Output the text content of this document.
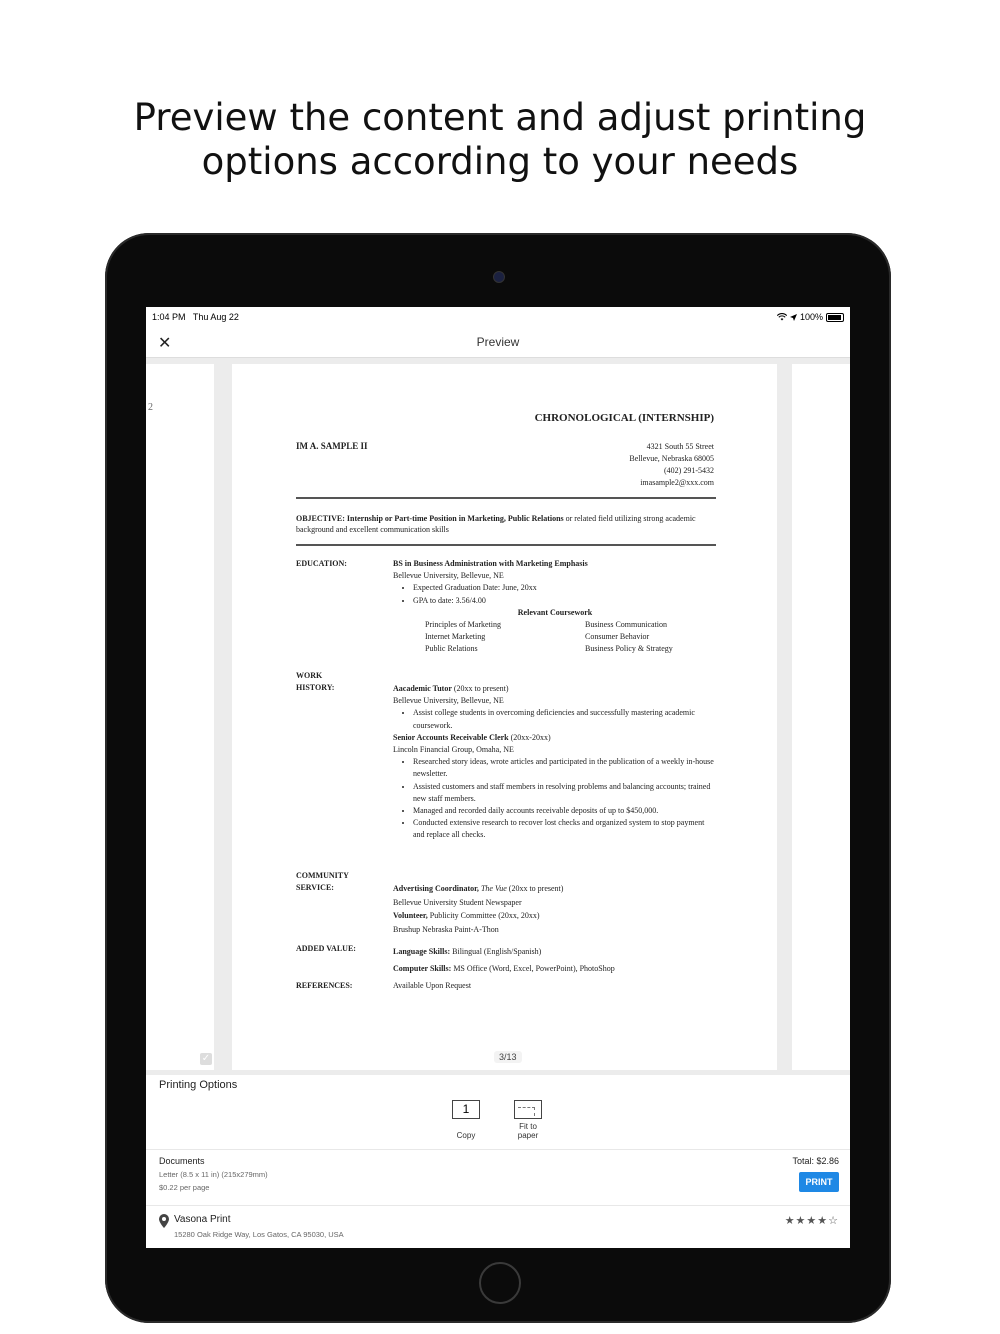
Preview the content and adjust printing
options according to your needs
1:04 PM Thu Aug 22	100%
✕	Preview
2
✓
CHRONOLOGICAL (INTERNSHIP)
IM A. SAMPLE II	4321 South 55 Street
Bellevue, Nebraska 68005
(402) 291-5432
imasample2@xxx.com
OBJECTIVE: Internship or Part-time Position in Marketing, Public Relations or related field utilizing strong academic background and excellent communication skills
EDUCATION:	BS in Business Administration with Marketing Emphasis
Bellevue University, Bellevue, NE
• Expected Graduation Date: June, 20xx
• GPA to date: 3.56/4.00
Relevant Coursework
Principles of Marketing	Business Communication
Internet Marketing	Consumer Behavior
Public Relations	Business Policy & Strategy
WORK
HISTORY:	Aacademic Tutor (20xx to present)
Bellevue University, Bellevue, NE
• Assist college students in overcoming deficiencies and successfully mastering academic coursework.
Senior Accounts Receivable Clerk (20xx-20xx)
Lincoln Financial Group, Omaha, NE
• Researched story ideas, wrote articles and participated in the publication of a weekly in-house newsletter.
• Assisted customers and staff members in resolving problems and balancing accounts; trained new staff members.
• Managed and recorded daily accounts receivable deposits of up to $450,000.
• Conducted extensive research to recover lost checks and organized system to stop payment and replace all checks.
COMMUNITY
SERVICE:	Advertising Coordinator, The Vue (20xx to present)
Bellevue University Student Newspaper
Volunteer, Publicity Committee (20xx, 20xx)
Brushup Nebraska Paint-A-Thon
ADDED VALUE:	Language Skills: Bilingual (English/Spanish)
Computer Skills: MS Office (Word, Excel, PowerPoint), PhotoShop
REFERENCES:	Available Upon Request
3/13
Printing Options
1
Copy
Fit to
paper
Documents
Letter (8.5 x 11 in) (215x279mm)
$0.22 per page
Total: $2.86
PRINT
Vasona Print
15280 Oak Ridge Way, Los Gatos, CA 95030, USA
★★★★☆
